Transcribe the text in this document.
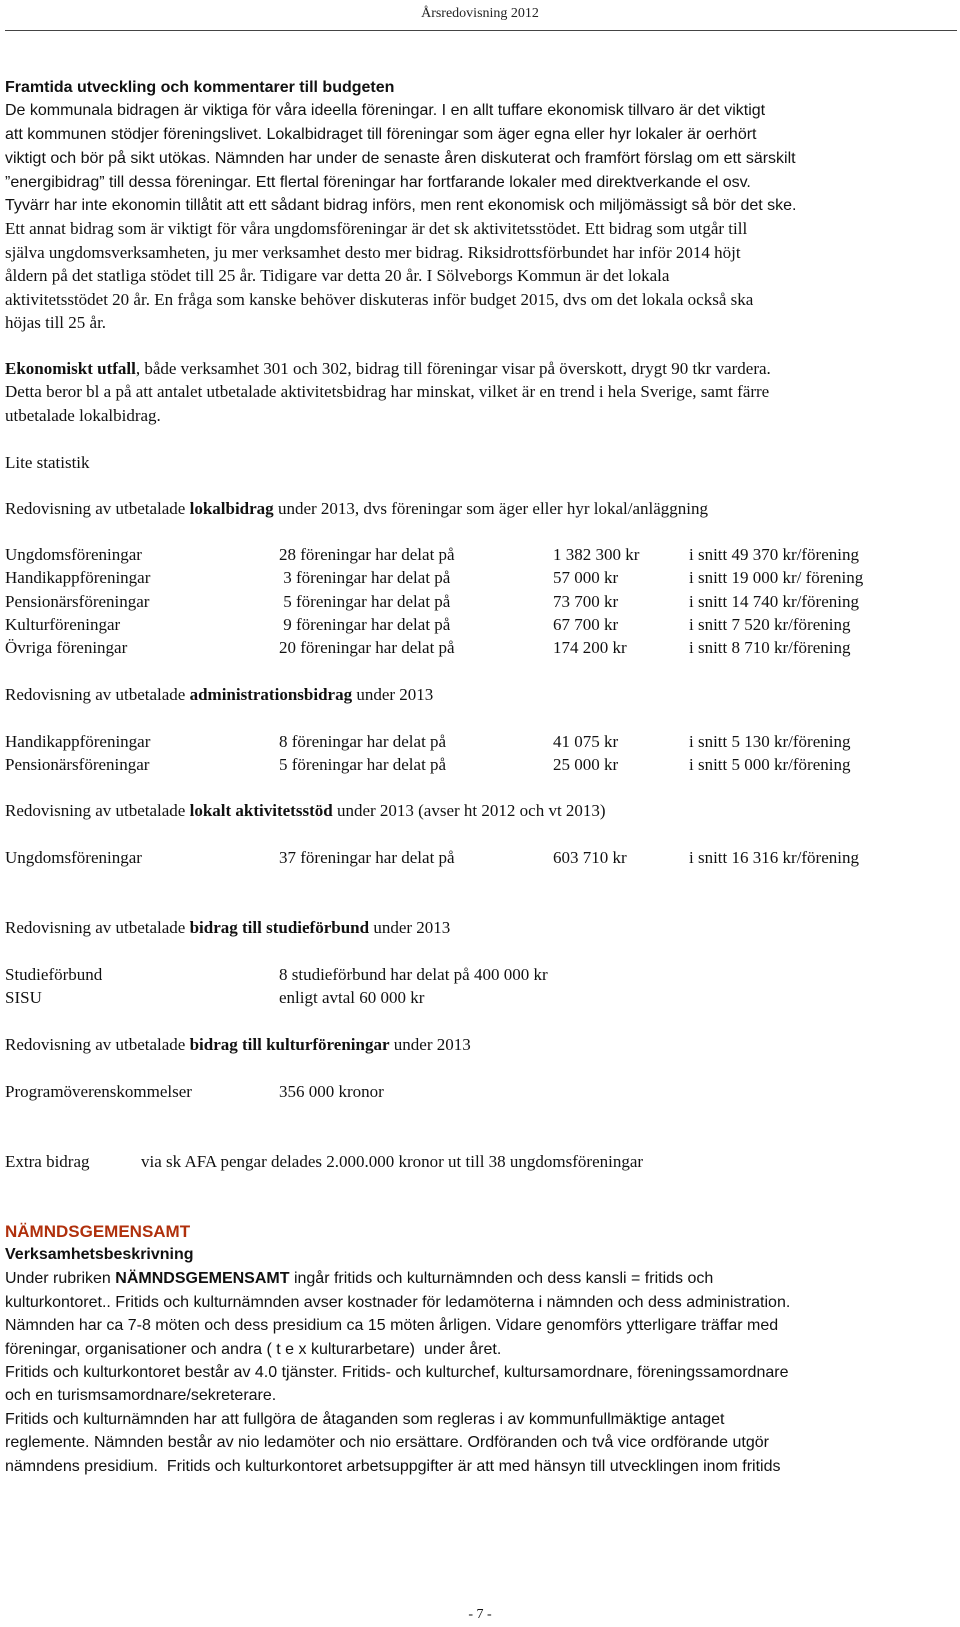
Årsredovisning 2012
Framtida utveckling och kommentarer till budgeten
De kommunala bidragen är viktiga för våra ideella föreningar. I en allt tuffare ekonomisk tillvaro är det viktigt
att kommunen stödjer föreningslivet. Lokalbidraget till föreningar som äger egna eller hyr lokaler är oerhört
viktigt och bör på sikt utökas. Nämnden har under de senaste åren diskuterat och framfört förslag om ett särskilt
”energibidrag” till dessa föreningar. Ett flertal föreningar har fortfarande lokaler med direktverkande el osv.
Tyvärr har inte ekonomin tillåtit att ett sådant bidrag införs, men rent ekonomisk och miljömässigt så bör det ske.
Ett annat bidrag som är viktigt för våra ungdomsföreningar är det sk aktivitetsstödet. Ett bidrag som utgår till
själva ungdomsverksamheten, ju mer verksamhet desto mer bidrag. Riksidrottsförbundet har inför 2014 höjt
åldern på det statliga stödet till 25 år. Tidigare var detta 20 år. I Sölveborgs Kommun är det lokala
aktivitetsstödet 20 år. En fråga som kanske behöver diskuteras inför budget 2015, dvs om det lokala också ska
höjas till 25 år.
Ekonomiskt utfall, både verksamhet 301 och 302, bidrag till föreningar visar på överskott, drygt 90 tkr vardera.
Detta beror bl a på att antalet utbetalade aktivitetsbidrag har minskat, vilket är en trend i hela Sverige, samt färre
utbetalade lokalbidrag.
Lite statistik
Redovisning av utbetalade lokalbidrag under 2013, dvs föreningar som äger eller hyr lokal/anläggning
Ungdomsföreningar	28 föreningar har delat på	1 382 300 kr	i snitt 49 370 kr/förening
Handikappföreningar	3 föreningar har delat på	57 000 kr	i snitt 19 000 kr/ förening
Pensionärsföreningar	5 föreningar har delat på	73 700 kr	i snitt 14 740 kr/förening
Kulturföreningar	9 föreningar har delat på	67 700 kr	i snitt 7 520 kr/förening
Övriga föreningar	20 föreningar har delat på	174 200 kr	i snitt 8 710 kr/förening
Redovisning av utbetalade administrationsbidrag under 2013
Handikappföreningar	8 föreningar har delat på	41 075 kr	i snitt 5 130 kr/förening
Pensionärsföreningar	5 föreningar har delat på	25 000 kr	i snitt 5 000 kr/förening
Redovisning av utbetalade lokalt aktivitetsstöd under 2013 (avser ht 2012 och vt 2013)
Ungdomsföreningar	37 föreningar har delat på	603 710 kr	i snitt 16 316 kr/förening
Redovisning av utbetalade bidrag till studieförbund under 2013
Studieförbund	8 studieförbund har delat på 400 000 kr
SISU	enligt avtal 60 000 kr
Redovisning av utbetalade bidrag till kulturföreningar under 2013
Programöverenskommelser	356 000 kronor
Extra bidrag	via sk AFA pengar delades 2.000.000 kronor ut till 38 ungdomsföreningar
NÄMNDSGEMENSAMT
Verksamhetsbeskrivning
Under rubriken NÄMNDSGEMENSAMT ingår fritids och kulturnämnden och dess kansli = fritids och
kulturkontoret.. Fritids och kulturnämnden avser kostnader för ledamöterna i nämnden och dess administration.
Nämnden har ca 7-8 möten och dess presidium ca 15 möten årligen. Vidare genomförs ytterligare träffar med
föreningar, organisationer och andra ( t e x kulturarbetare)  under året.
Fritids och kulturkontoret består av 4.0 tjänster. Fritids- och kulturchef, kultursamordnare, föreningssamordnare
och en turismsamordnare/sekreterare.
Fritids och kulturnämnden har att fullgöra de åtaganden som regleras i av kommunfullmäktige antaget
reglemente. Nämnden består av nio ledamöter och nio ersättare. Ordföranden och två vice ordförande utgör
nämndens presidium.  Fritids och kulturkontoret arbetsuppgifter är att med hänsyn till utvecklingen inom fritids
- 7 -
